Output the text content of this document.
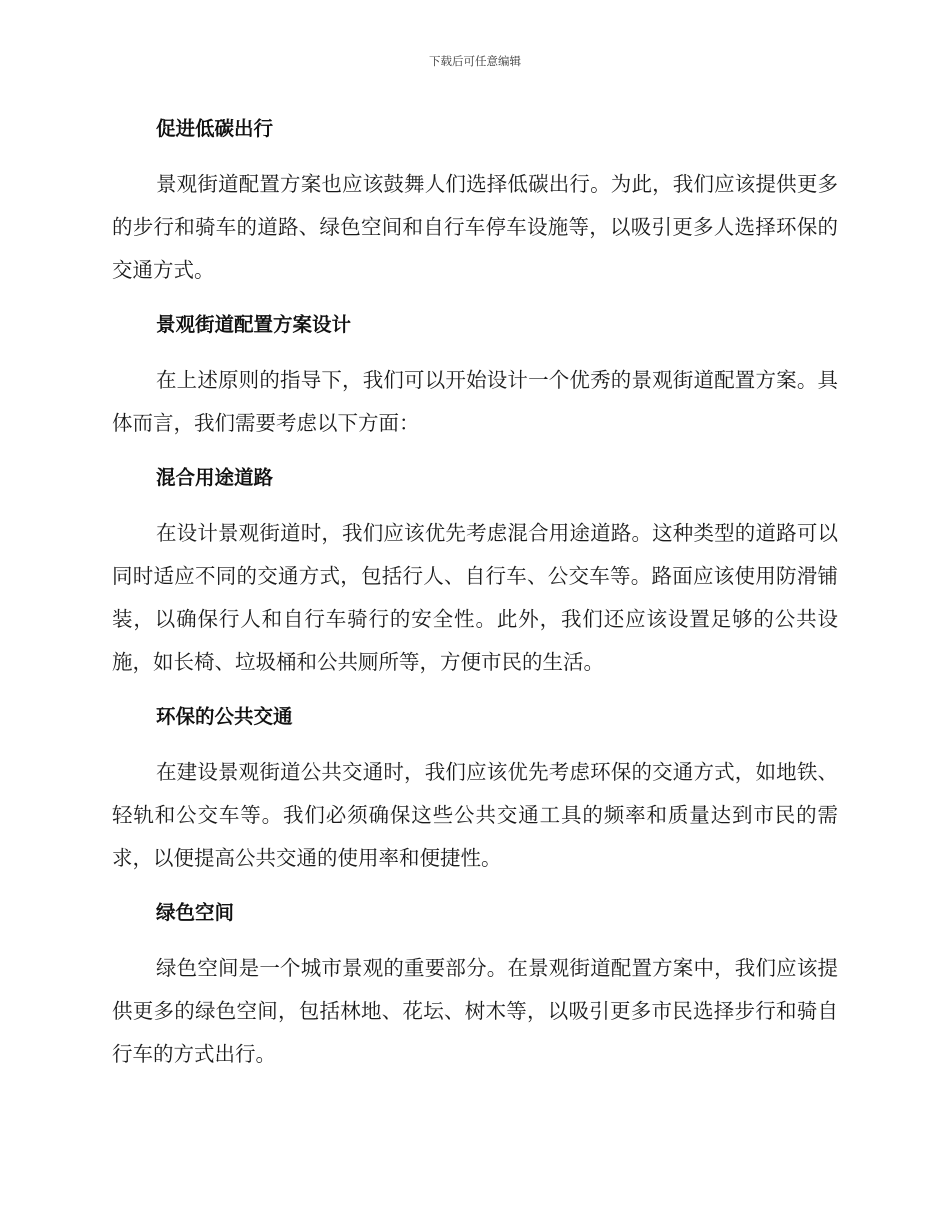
下载后可任意编辑
促进低碳出行

景观街道配置方案也应该鼓舞人们选择低碳出行。为此，我们应该提供更多的步行和骑车的道路、绿色空间和自行车停车设施等，以吸引更多人选择环保的交通方式。

景观街道配置方案设计

在上述原则的指导下，我们可以开始设计一个优秀的景观街道配置方案。具体而言，我们需要考虑以下方面：

混合用途道路

在设计景观街道时，我们应该优先考虑混合用途道路。这种类型的道路可以同时适应不同的交通方式，包括行人、自行车、公交车等。路面应该使用防滑铺装，以确保行人和自行车骑行的安全性。此外，我们还应该设置足够的公共设施，如长椅、垃圾桶和公共厕所等，方便市民的生活。

环保的公共交通

在建设景观街道公共交通时，我们应该优先考虑环保的交通方式，如地铁、轻轨和公交车等。我们必须确保这些公共交通工具的频率和质量达到市民的需求，以便提高公共交通的使用率和便捷性。

绿色空间

绿色空间是一个城市景观的重要部分。在景观街道配置方案中，我们应该提供更多的绿色空间，包括林地、花坛、树木等，以吸引更多市民选择步行和骑自行车的方式出行。
